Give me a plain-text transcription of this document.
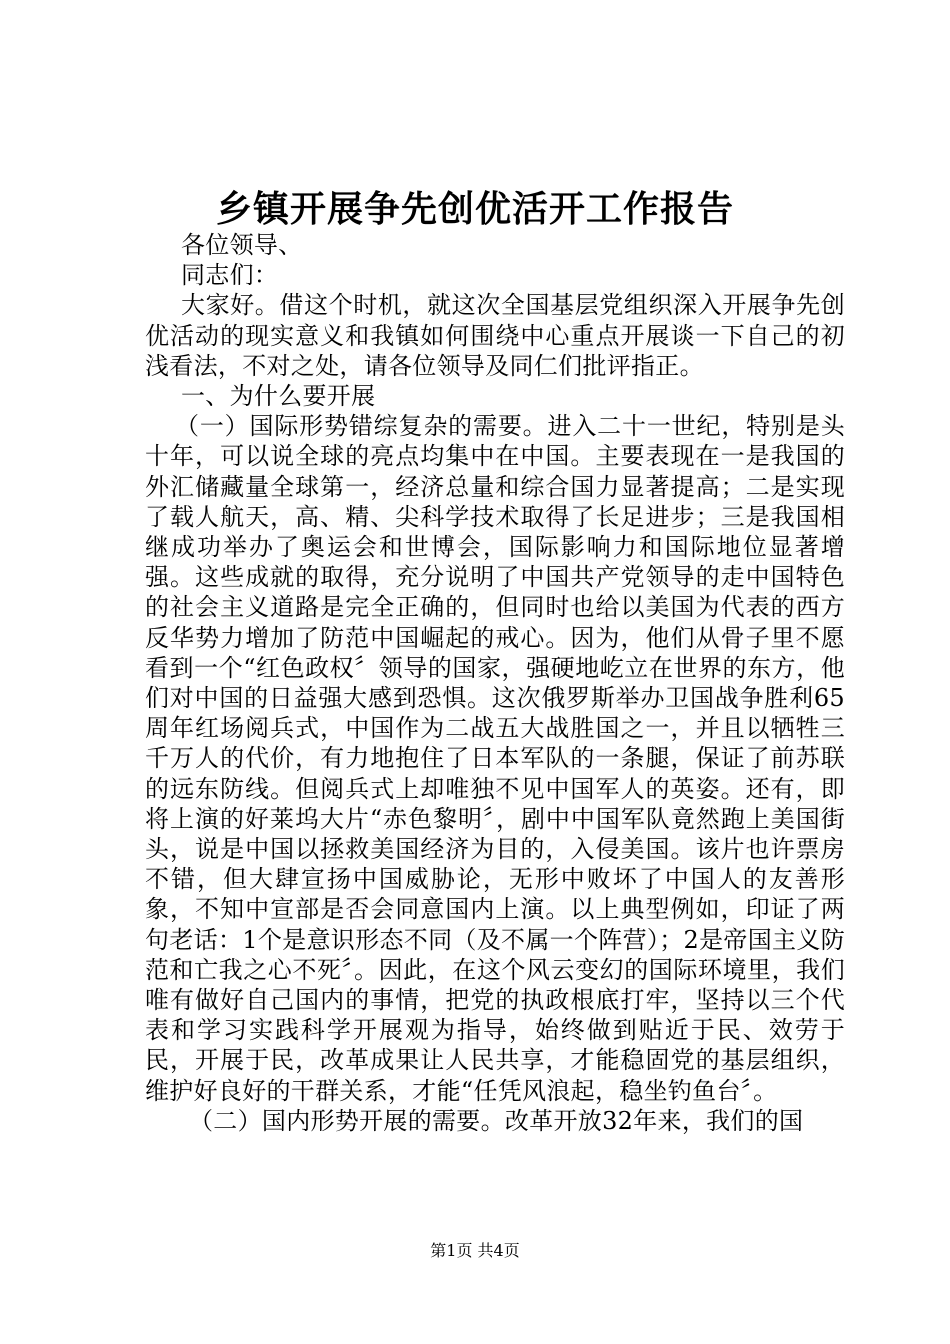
乡镇开展争先创优活开工作报告

各位领导、

同志们：

大家好。借这个时机，就这次全国基层党组织深入开展争先创优活动的现实意义和我镇如何围绕中心重点开展谈一下自己的初浅看法，不对之处，请各位领导及同仁们批评指正。

一、为什么要开展

（一）国际形势错综复杂的需要。进入二十一世纪，特别是头十年，可以说全球的亮点均集中在中国。主要表现在一是我国的外汇储藏量全球第一，经济总量和综合国力显著提高；二是实现了载人航天，高、精、尖科学技术取得了长足进步；三是我国相继成功举办了奥运会和世博会，国际影响力和国际地位显著增强。这些成就的取得，充分说明了中国共产党领导的走中国特色的社会主义道路是完全正确的，但同时也给以美国为代表的西方反华势力增加了防范中国崛起的戒心。因为，他们从骨子里不愿看到一个“红色政权〞领导的国家，强硬地屹立在世界的东方，他们对中国的日益强大感到恐惧。这次俄罗斯举办卫国战争胜利65周年红场阅兵式，中国作为二战五大战胜国之一，并且以牺牲三千万人的代价，有力地抱住了日本军队的一条腿，保证了前苏联的远东防线。但阅兵式上却唯独不见中国军人的英姿。还有，即将上演的好莱坞大片“赤色黎明〞，剧中中国军队竟然跑上美国街头，说是中国以拯救美国经济为目的，入侵美国。该片也许票房不错，但大肆宣扬中国威胁论，无形中败坏了中国人的友善形象，不知中宣部是否会同意国内上演。以上典型例如，印证了两句老话：1个是意识形态不同（及不属一个阵营）；2是帝国主义防范和亡我之心不死〞。因此，在这个风云变幻的国际环境里，我们唯有做好自己国内的事情，把党的执政根底打牢，坚持以三个代表和学习实践科学开展观为指导，始终做到贴近于民、效劳于民，开展于民，改革成果让人民共享，才能稳固党的基层组织，维护好良好的干群关系，才能“任凭风浪起，稳坐钓鱼台〞。

（二）国内形势开展的需要。改革开放32年来，我们的国

第1页 共4页
